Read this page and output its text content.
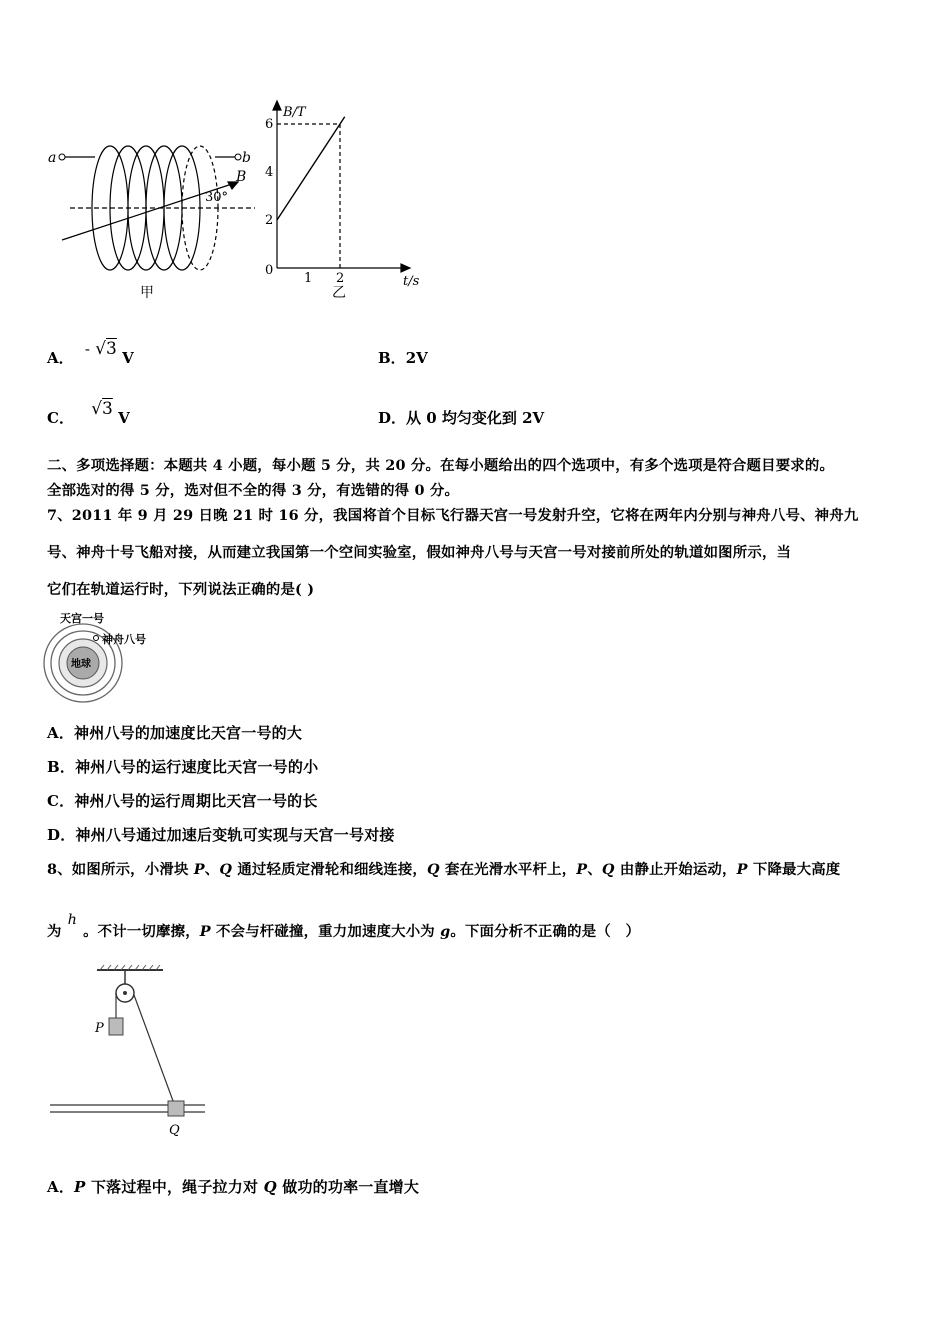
a	b
B
30°
甲
B/T
t/s
6
4
2
0
1 2
乙
A． - √3 V	B．2V
C． √3 V	D．从 0 均匀变化到 2V
二、多项选择题：本题共 4 小题，每小题 5 分，共 20 分。在每小题给出的四个选项中，有多个选项是符合题目要求的。
全部选对的得 5 分，选对但不全的得 3 分，有选错的得 0 分。
7、2011 年 9 月 29 日晚 21 时 16 分，我国将首个目标飞行器天宫一号发射升空，它将在两年内分别与神舟八号、神舟九
号、神舟十号飞船对接，从而建立我国第一个空间实验室，假如神舟八号与天宫一号对接前所处的轨道如图所示，当
它们在轨道运行时，下列说法正确的是( )
天宫一号
神舟八号
地球
A．神州八号的加速度比天宫一号的大
B．神州八号的运行速度比天宫一号的小
C．神州八号的运行周期比天宫一号的长
D．神州八号通过加速后变轨可实现与天宫一号对接
8、如图所示，小滑块 P、Q 通过轻质定滑轮和细线连接，Q 套在光滑水平杆上，P、Q 由静止开始运动，P 下降最大高度
为h。不计一切摩擦，P 不会与杆碰撞，重力加速度大小为 g。下面分析不正确的是（　）
P
Q
A．P 下落过程中，绳子拉力对 Q 做功的功率一直增大
